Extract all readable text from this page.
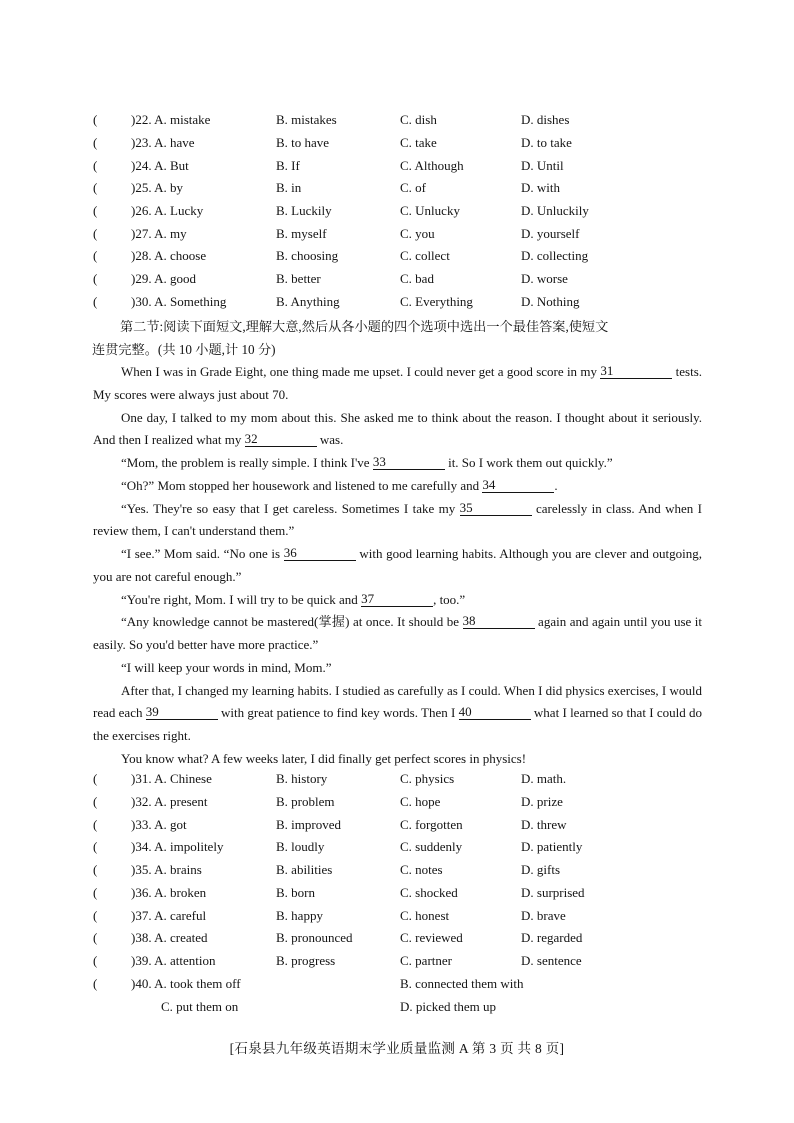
(	)22. A. mistake	B. mistakes	C. dish	D. dishes
(	)23. A. have	B. to have	C. take	D. to take
(	)24. A. But	B. If	C. Although	D. Until
(	)25. A. by	B. in	C. of	D. with
(	)26. A. Lucky	B. Luckily	C. Unlucky	D. Unluckily
(	)27. A. my	B. myself	C. you	D. yourself
(	)28. A. choose	B. choosing	C. collect	D. collecting
(	)29. A. good	B. better	C. bad	D. worse
(	)30. A. Something	B. Anything	C. Everything	D. Nothing
第二节:阅读下面短文,理解大意,然后从各小题的四个选项中选出一个最佳答案,使短文
连贯完整。(共 10 小题,计 10 分)

When I was in Grade Eight, one thing made me upset. I could never get a good score in my 31	tests. My scores were always just about 70.

One day, I talked to my mom about this. She asked me to think about the reason. I thought about it seriously. And then I realized what my 32	was.

“Mom, the problem is really simple. I think I've 33	it. So I work them out quickly.”

“Oh?” Mom stopped her housework and listened to me carefully and 34	.

“Yes. They're so easy that I get careless. Sometimes I take my 35	carelessly in class. And when I review them, I can't understand them.”

“I see.” Mom said. “No one is 36	with good learning habits. Although you are clever and outgoing, you are not careful enough.”

“You're right, Mom. I will try to be quick and 37	, too.”

“Any knowledge cannot be mastered(掌握) at once. It should be 38	again and again until you use it easily. So you'd better have more practice.”

“I will keep your words in mind, Mom.”

After that, I changed my learning habits. I studied as carefully as I could. When I did physics exercises, I would read each 39	with great patience to find key words. Then I 40	what I learned so that I could do the exercises right.

You know what? A few weeks later, I did finally get perfect scores in physics!

(	)31. A. Chinese	B. history	C. physics	D. math.
(	)32. A. present	B. problem	C. hope	D. prize
(	)33. A. got	B. improved	C. forgotten	D. threw
(	)34. A. impolitely	B. loudly	C. suddenly	D. patiently
(	)35. A. brains	B. abilities	C. notes	D. gifts
(	)36. A. broken	B. born	C. shocked	D. surprised
(	)37. A. careful	B. happy	C. honest	D. brave
(	)38. A. created	B. pronounced	C. reviewed	D. regarded
(	)39. A. attention	B. progress	C. partner	D. sentence
(	)40. A. took them off	B. connected them with
C. put them on	D. picked them up
[石泉县九年级英语期末学业质量监测 A 第 3 页 共 8 页]
